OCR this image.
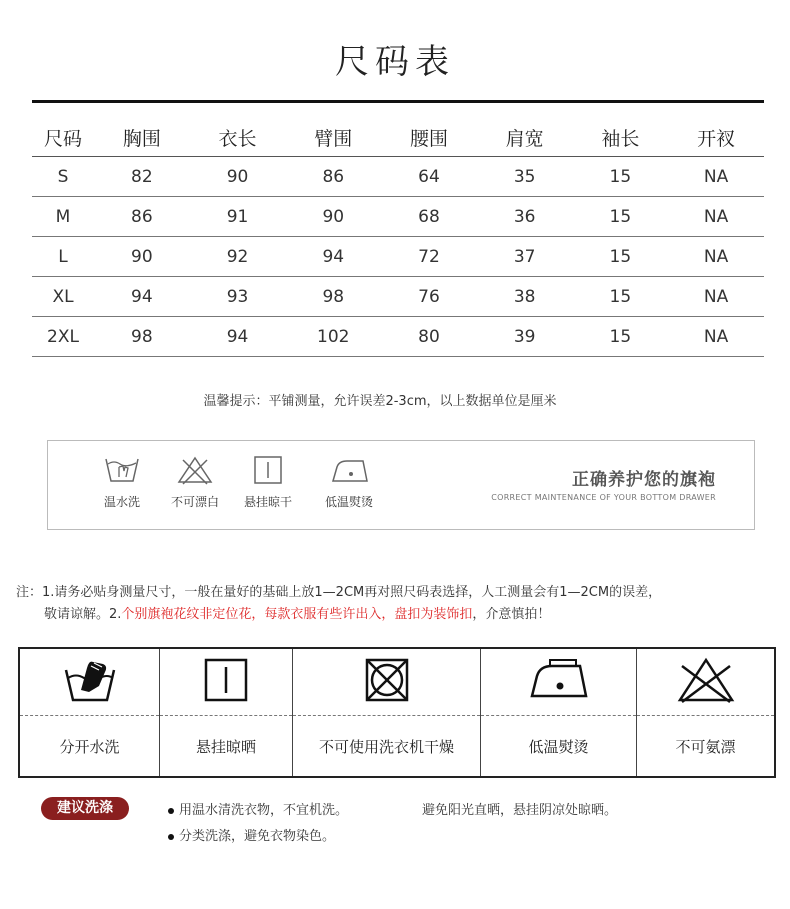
尺码表
尺码	胸围	衣长	臂围	腰围	肩宽	袖长	开衩
S	82	90	86	64	35	15	NA
M	86	91	90	68	36	15	NA
L	90	92	94	72	37	15	NA
XL	94	93	98	76	38	15	NA
2XL	98	94	102	80	39	15	NA
温馨提示：平铺测量，允许误差2-3cm，以上数据单位是厘米
温水洗	不可漂白	悬挂晾干	低温熨烫
正确养护您的旗袍
CORRECT MAINTENANCE OF YOUR BOTTOM DRAWER
注：1.请务必贴身测量尺寸，一般在量好的基础上放1—2CM再对照尺码表选择，人工测量会有1—2CM的误差，
敬请谅解。2.个别旗袍花纹非定位花，每款衣服有些许出入，盘扣为装饰扣，介意慎拍！

分开水洗	悬挂晾晒	不可使用洗衣机干燥	低温熨烫	不可氨漂
建议洗涤	用温水清洗衣物，不宜机洗。	避免阳光直晒，悬挂阴凉处晾晒。
分类洗涤，避免衣物染色。
